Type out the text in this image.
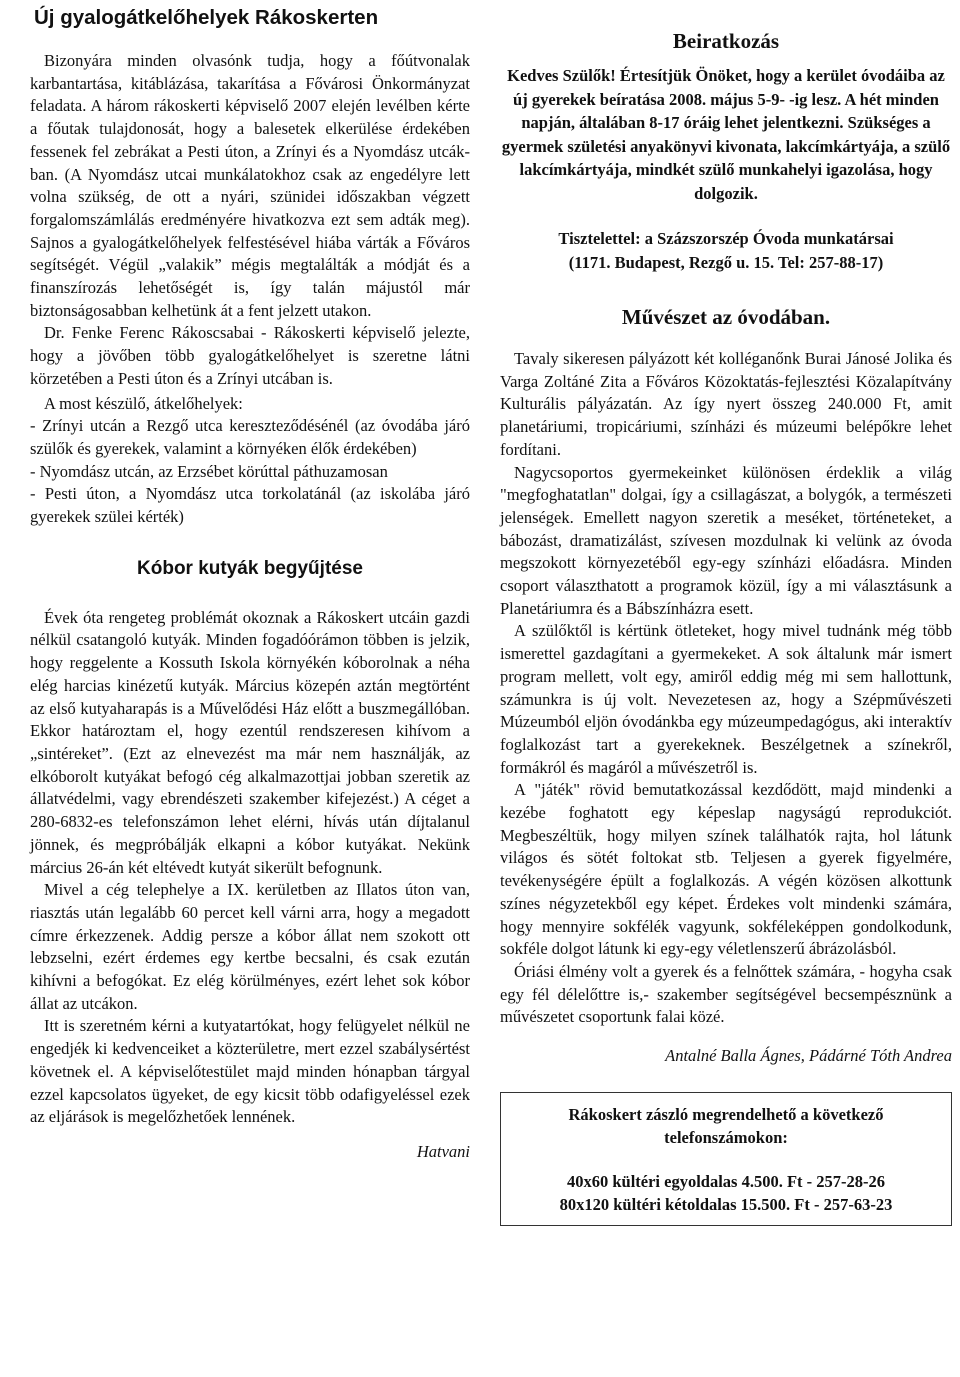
Új gyalogátkelőhelyek Rákoskerten

Bizonyára minden olvasónk tudja, hogy a főútvonalak karbantartása, kitáblázása, takarítása a Fővárosi Önkormányzat feladata. A három rákoskerti képviselő 2007 elején levélben kérte a főutak tulajdonosát, hogy a balesetek elkerülése érdekében fessenek fel zebrákat a Pesti úton, a Zrínyi és a Nyomdász utcák-ban. (A Nyomdász utcai munkálatokhoz csak az engedélyre lett volna szükség, de ott a nyári, szünidei időszakban végzett forgalomszámlálás eredményére hivatkozva ezt sem adták meg). Sajnos a gyalogátkelőhelyek felfestésével hiába várták a Főváros segítségét. Végül „valakik” mégis megtalálták a módját és a finanszírozás lehetőségét is, így talán májustól már biztonságosabban kelhetünk át a fent jelzett utakon.

Dr. Fenke Ferenc Rákoscsabai - Rákoskerti képviselő jelezte, hogy a jövőben több gyalogátkelőhelyet is szeretne látni körzetében a Pesti úton és a Zrínyi utcában is.

A most készülő, átkelőhelyek:

- Zrínyi utcán a Rezgő utca kereszteződésénél (az óvodába járó szülők és gyerekek, valamint a környéken élők érdekében)

- Nyomdász utcán, az Erzsébet körúttal páthuzamosan

- Pesti úton, a Nyomdász utca torkolatánál (az iskolába járó gyerekek szülei kérték)

Kóbor kutyák begyűjtése

Évek óta rengeteg problémát okoznak a Rákoskert utcáin gazdi nélkül csatangoló kutyák. Minden fogadóórámon többen is jelzik, hogy reggelente a Kossuth Iskola környékén kóborolnak a néha elég harcias kinézetű kutyák. Március közepén aztán megtörtént az első kutyaharapás is a Művelődési Ház előtt a buszmegállóban. Ekkor határoztam el, hogy ezentúl rendszeresen kihívom a „sintéreket”. (Ezt az elnevezést ma már nem használják, az elkóborolt kutyákat befogó cég alkalmazottjai jobban szeretik az állatvédelmi, vagy ebrendészeti szakember kifejezést.) A céget a 280-6832-es telefonszámon lehet elérni, hívás után díjtalanul jönnek, és megpróbálják elkapni a kóbor kutyákat. Nekünk március 26-án két eltévedt kutyát sikerült befognunk.

Mivel a cég telephelye a IX. kerületben az Illatos úton van, riasztás után legalább 60 percet kell várni arra, hogy a megadott címre érkezzenek. Addig persze a kóbor állat nem szokott ott lebzselni, ezért érdemes egy kertbe becsalni, és csak ezután kihívni a befogókat. Ez elég körülményes, ezért lehet sok kóbor állat az utcákon.

Itt is szeretném kérni a kutyatartókat, hogy felügyelet nélkül ne engedjék ki kedvenceiket a közterületre, mert ezzel szabálysértést követnek el. A képviselőtestület majd minden hónapban tárgyal ezzel kapcsolatos ügyeket, de egy kicsit több odafigyeléssel ezek az eljárások is megelőzhetőek lennének.

Hatvani

Beiratkozás

Kedves Szülők! Értesítjük Önöket, hogy a kerület óvodáiba az új gyerekek beíratása 2008. május 5-9- -ig lesz. A hét minden napján, általában 8-17 óráig lehet jelentkezni. Szükséges a gyermek születési anyakönyvi kivonata, lakcímkártyája, a szülő lakcímkártyája, mindkét szülő munkahelyi igazolása, hogy dolgozik.

Tisztelettel: a Százszorszép Óvoda munkatársai

(1171. Budapest, Rezgő u. 15. Tel: 257-88-17)

Művészet az óvodában.

Tavaly sikeresen pályázott két kolléganőnk Burai Jánosé Jolika és Varga Zoltáné Zita a Főváros Közoktatás-fejlesztési Közalapítvány Kulturális pályázatán. Az így nyert összeg 240.000 Ft, amit planetáriumi, tropicáriumi, színházi és múzeumi belépőkre lehet fordítani.

Nagycsoportos gyermekeinket különösen érdeklik a világ "megfoghatatlan" dolgai, így a csillagászat, a bolygók, a természeti jelenségek. Emellett nagyon szeretik a meséket, történeteket, a bábozást, dramatizálást, szívesen mozdulnak ki velünk az óvoda megszokott környezetéből egy-egy színházi előadásra. Minden csoport választhatott a programok közül, így a mi választásunk a Planetáriumra és a Bábszínházra esett.

A szülőktől is kértünk ötleteket, hogy mivel tudnánk még több ismerettel gazdagítani a gyermekeket. A sok általunk már ismert program mellett, volt egy, amiről eddig még mi sem hallottunk, számunkra is új volt. Nevezetesen az, hogy a Szépművészeti Múzeumból eljön óvodánkba egy múzeumpedagógus, aki interaktív foglalkozást tart a gyerekeknek. Beszélgetnek a színekről, formákról és magáról a művészetről is.

A "játék" rövid bemutatkozással kezdődött, majd mindenki a kezébe foghatott egy képeslap nagyságú reprodukciót. Megbeszéltük, hogy milyen színek találhatók rajta, hol látunk világos és sötét foltokat stb. Teljesen a gyerek figyelmére, tevékenységére épült a foglalkozás. A végén közösen alkottunk színes négyzetekből egy képet. Érdekes volt mindenki számára, hogy mennyire sokfélék vagyunk, sokféleképpen gondolkodunk, sokféle dolgot látunk ki egy-egy véletlenszerű ábrázolásból.

Óriási élmény volt a gyerek és a felnőttek számára, - hogyha csak egy fél délelőttre is,- szakember segítségével becsempésznünk a művészetet csoportunk falai közé.

Antalné Balla Ágnes, Pádárné Tóth Andrea

Rákoskert zászló megrendelhető a következő telefonszámokon:
40x60 kültéri egyoldalas 4.500. Ft - 257-28-26
80x120 kültéri kétoldalas 15.500. Ft - 257-63-23
